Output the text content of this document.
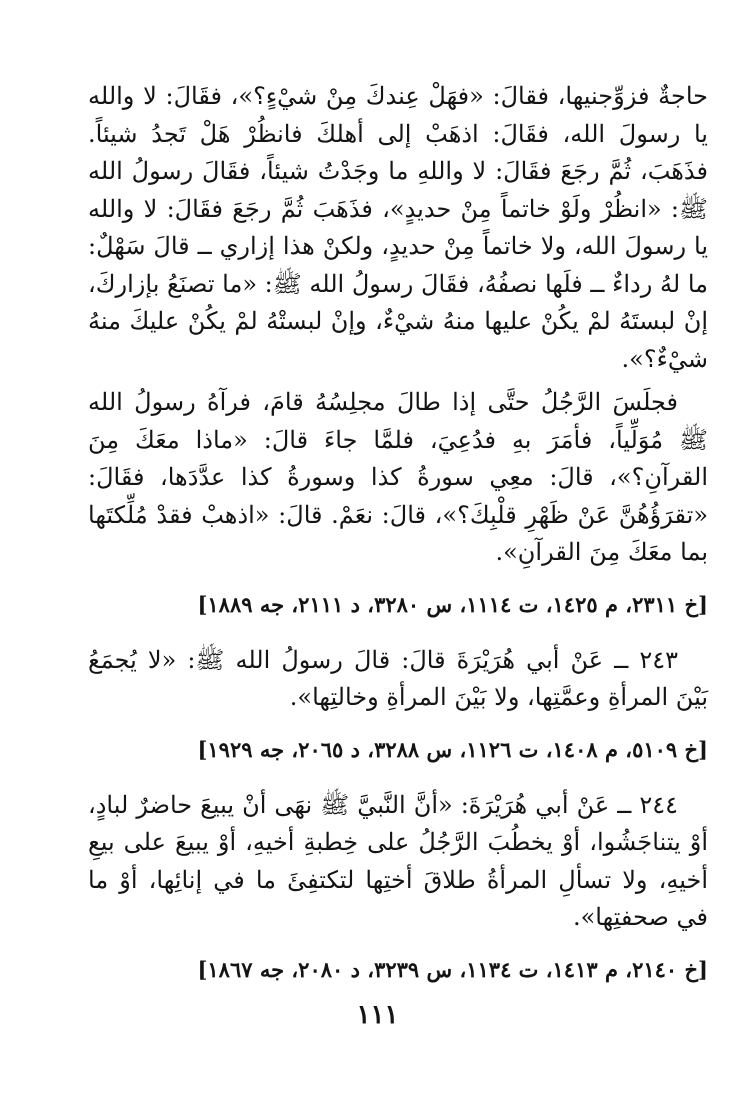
حاجةٌ فزوِّجنيها، فقالَ: «فهَلْ عِندكَ مِنْ شيْءٍ؟»، فقَالَ: لا والله يا رسولَ الله، فقَالَ: اذهَبْ إلى أهلكَ فانظُرْ هَلْ تَجدُ شيئاً. فذَهَبَ، ثُمَّ رجَعَ فقَالَ: لا واللهِ ما وجَدْتُ شيئاً، فقَالَ رسولُ الله ﷺ: «انظُرْ ولَوْ خاتماً مِنْ حديدٍ»، فذَهَبَ ثُمَّ رجَعَ فقَالَ: لا والله يا رسولَ الله، ولا خاتماً مِنْ حديدٍ، ولكنْ هذا إزاري ــ قالَ سَهْلٌ: ما لهُ رداءٌ ــ فلَها نصفُهُ، فقَالَ رسولُ الله ﷺ: «ما تصنَعُ بإزاركَ، إنْ لبستَهُ لمْ يكُنْ عليها منهُ شيْءٌ، وإنْ لبستْهُ لمْ يكُنْ عليكَ منهُ شيْءٌ؟».

فجلَسَ الرَّجُلُ حتَّى إذا طالَ مجلِسُهُ قامَ، فرآهُ رسولُ الله ﷺ مُوَلِّياً، فأمَرَ بهِ فدُعِيَ، فلمَّا جاءَ قالَ: «ماذا معَكَ مِنَ القرآنِ؟»، قالَ: معِي سورةُ كذا وسورةُ كذا عدَّدَها، فقَالَ: «تقرَؤُهُنَّ عَنْ ظَهْرِ قلْبِكَ؟»، قالَ: نعَمْ. قالَ: «اذهبْ فقدْ مُلِّكتَها بما معَكَ مِنَ القرآنِ».

[خ ٢٣١١، م ١٤٢٥، ت ١١١٤، س ٣٢٨٠، د ٢١١١، جه ١٨٨٩]

٢٤٣ ــ عَنْ أبي هُرَيْرَةَ قالَ: قالَ رسولُ الله ﷺ: «لا يُجمَعُ بَيْنَ المرأةِ وعمَّتِها، ولا بَيْنَ المرأةِ وخالتِها».

[خ ٥١٠٩، م ١٤٠٨، ت ١١٢٦، س ٣٢٨٨، د ٢٠٦٥، جه ١٩٢٩]

٢٤٤ ــ عَنْ أبي هُرَيْرَةَ: «أنَّ النَّبيَّ ﷺ نهَى أنْ يبيعَ حاضرٌ لبادٍ، أوْ يتناجَشُوا، أوْ يخطُبَ الرَّجُلُ على خِطبةِ أخيهِ، أوْ يبيعَ على بيعِ أخيهِ، ولا تسألِ المرأةُ طلاقَ أختِها لتكتفِئَ ما في إنائِها، أوْ ما في صحفتِها».

[خ ٢١٤٠، م ١٤١٣، ت ١١٣٤، س ٣٢٣٩، د ٢٠٨٠، جه ١٨٦٧]
١١١
